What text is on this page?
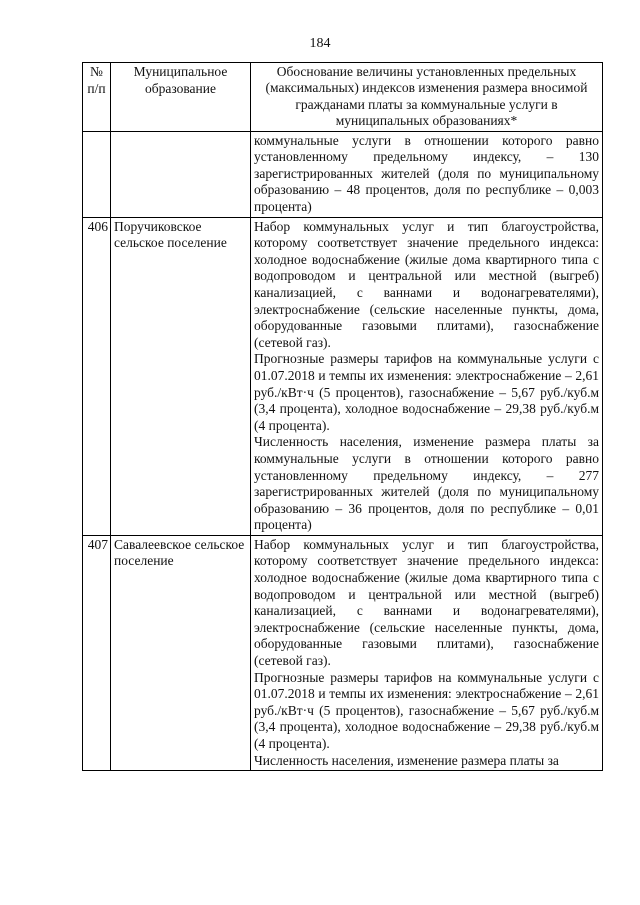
184
№ п/п	Муниципальное образование	Обоснование величины установленных предельных (максимальных) индексов изменения размера вносимой гражданами платы за коммунальные услуги в муниципальных образованиях*

		коммунальные услуги в отношении которого равно установленному предельному индексу, – 130 зарегистрированных жителей (доля по муниципальному образованию – 48 процентов, доля по республике – 0,003 процента)

406	Поручиковское сельское поселение	Набор коммунальных услуг и тип благоустройства, которому соответствует значение предельного индекса: холодное водоснабжение (жилые дома квартирного типа с водопроводом и центральной или местной (выгреб) канализацией, с ваннами и водонагревателями), электроснабжение (сельские населенные пункты, дома, оборудованные газовыми плитами), газоснабжение (сетевой газ).

Прогнозные размеры тарифов на коммунальные услуги с 01.07.2018 и темпы их изменения: электроснабжение – 2,61 руб./кВт·ч (5 процентов), газоснабжение – 5,67 руб./куб.м (3,4 процента), холодное водоснабжение – 29,38 руб./куб.м (4 процента).

Численность населения, изменение размера платы за коммунальные услуги в отношении которого равно установленному предельному индексу, – 277 зарегистрированных жителей (доля по муниципальному образованию – 36 процентов, доля по республике – 0,01 процента)

407	Савалеевское сельское поселение	Набор коммунальных услуг и тип благоустройства, которому соответствует значение предельного индекса: холодное водоснабжение (жилые дома квартирного типа с водопроводом и центральной или местной (выгреб) канализацией, с ваннами и водонагревателями), электроснабжение (сельские населенные пункты, дома, оборудованные газовыми плитами), газоснабжение (сетевой газ).

Прогнозные размеры тарифов на коммунальные услуги с 01.07.2018 и темпы их изменения: электроснабжение – 2,61 руб./кВт·ч (5 процентов), газоснабжение – 5,67 руб./куб.м (3,4 процента), холодное водоснабжение – 29,38 руб./куб.м (4 процента).

Численность населения, изменение размера платы за
